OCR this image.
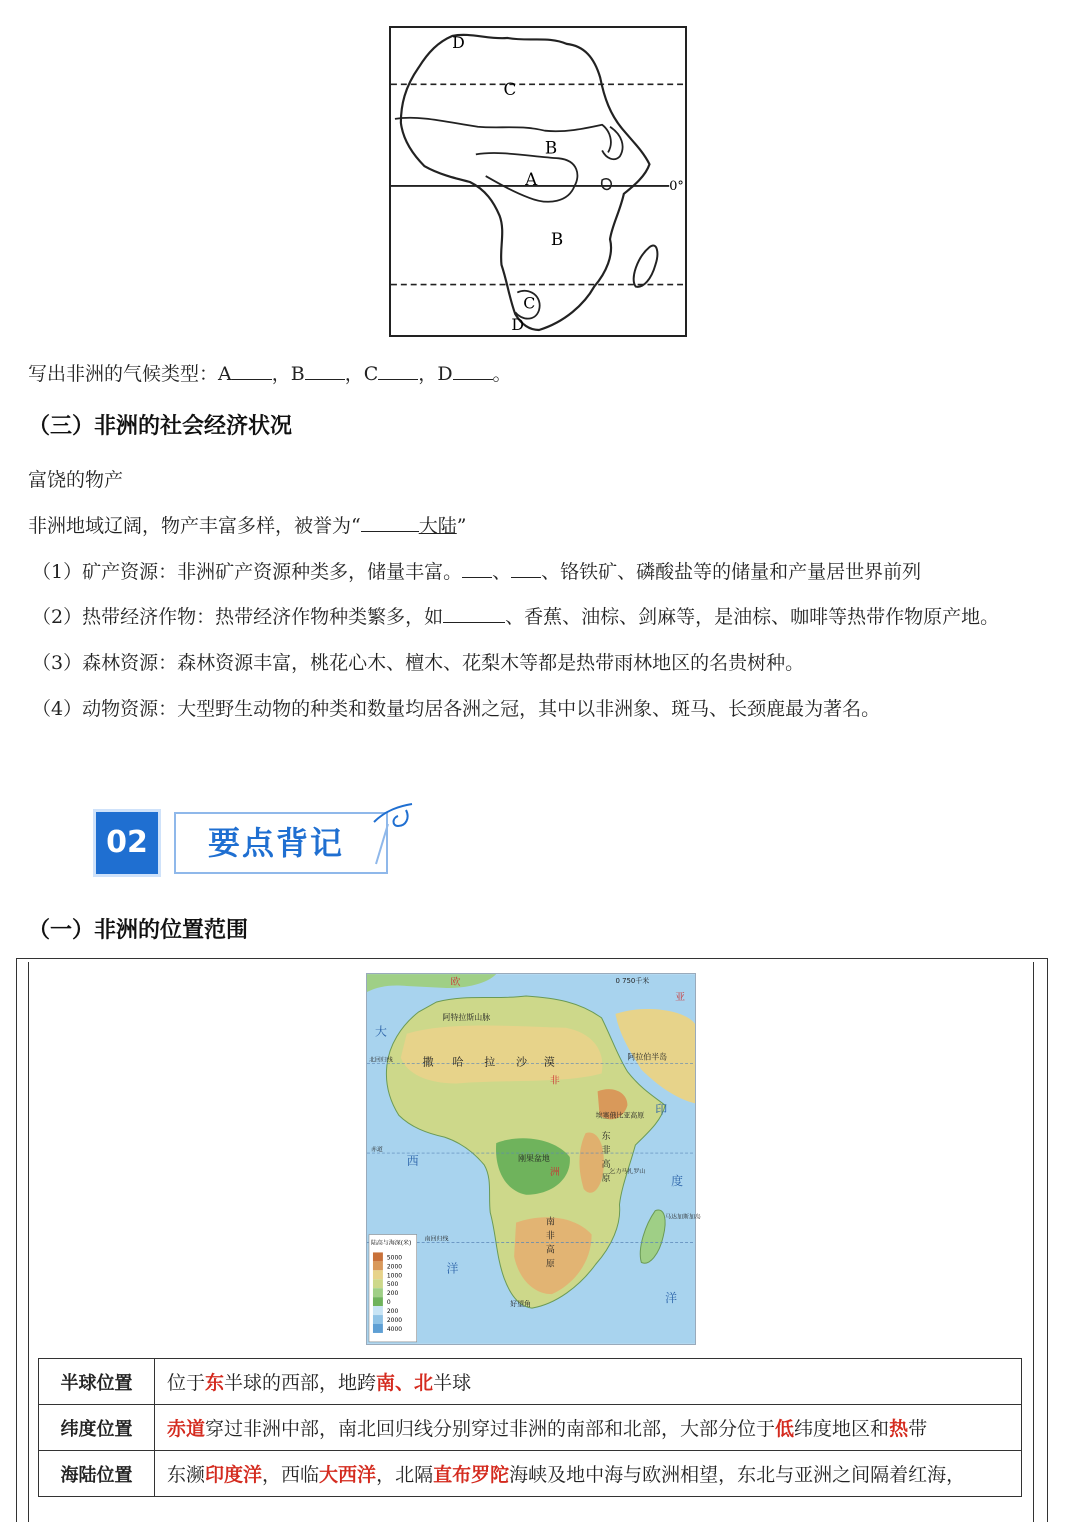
D
C
B
A
B
C
D
0°
写出非洲的气候类型：A ，B ，C ，D 。
（三）非洲的社会经济状况
富饶的物产
非洲地域辽阔，物产丰富多样，被誉为“	大陆”
（1）矿产资源：非洲矿产资源种类多，储量丰富。 、 、铬铁矿、磷酸盐等的储量和产量居世界前列
（2）热带经济作物：热带经济作物种类繁多，如	、香蕉、油棕、剑麻等，是油棕、咖啡等热带作物原产地。
（3）森林资源：森林资源丰富，桃花心木、檀木、花梨木等都是热带雨林地区的名贵树种。
（4）动物资源：大型野生动物的种类和数量均居各洲之冠，其中以非洲象、斑马、长颈鹿最为著名。
02	要点背记
（一）非洲的位置范围
0 750千米
欧
亚
阿特拉斯山脉
撒 哈 拉 沙 漠
非
洲
阿拉伯半岛
埃塞俄比亚高原
东
非
高
原
刚果盆地
乞力马扎罗山
南
非
高
原
好望角
马达加斯加岛
大
西
洋
印
度
洋
北回归线
赤道
南回归线
陆高与海深(米)
5000
2000
1000
500
200
0
200
2000
4000
半球位置	位于东半球的西部，地跨南、北半球
纬度位置	赤道穿过非洲中部，南北回归线分别穿过非洲的南部和北部，大部分位于低纬度地区和热带
海陆位置	东濒印度洋，西临大西洋，北隔直布罗陀海峡及地中海与欧洲相望，东北与亚洲之间隔着红海，
